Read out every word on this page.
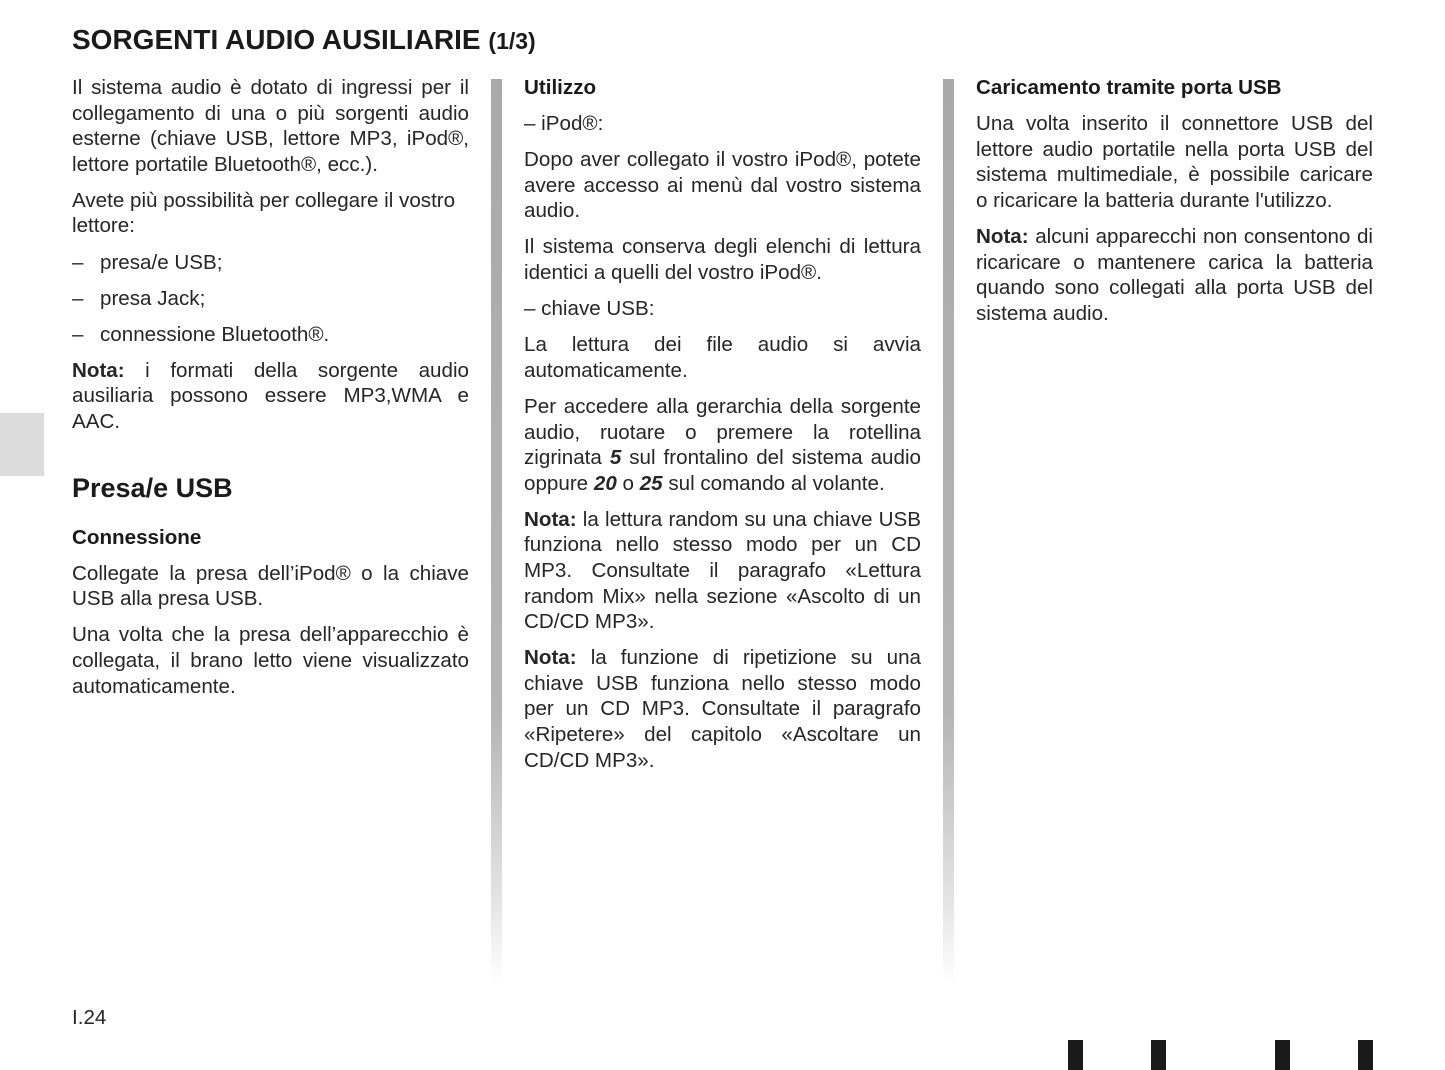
SORGENTI AUDIO AUSILIARIE (1/3)

Il sistema audio è dotato di ingressi per il collegamento di una o più sorgenti audio esterne (chiave USB, lettore MP3, iPod®, lettore portatile Bluetooth®, ecc.).

Avete più possibilità per collegare il vostro lettore:

– presa/e USB;

– presa Jack;

– connessione Bluetooth®.

Nota: i formati della sorgente audio ausiliaria possono essere MP3,WMA e AAC.

Presa/e USB

Connessione

Collegate la presa dell’iPod® o la chiave USB alla presa USB.

Una volta che la presa dell’apparecchio è collegata, il brano letto viene visualizzato automaticamente.

Utilizzo

– iPod®:

Dopo aver collegato il vostro iPod®, potete avere accesso ai menù dal vostro sistema audio.

Il sistema conserva degli elenchi di lettura identici a quelli del vostro iPod®.

– chiave USB:

La lettura dei file audio si avvia automaticamente.

Per accedere alla gerarchia della sorgente audio, ruotare o premere la rotellina zigrinata 5 sul frontalino del sistema audio oppure 20 o 25 sul comando al volante.

Nota: la lettura random su una chiave USB funziona nello stesso modo per un CD MP3. Consultate il paragrafo «Lettura random Mix» nella sezione «Ascolto di un CD/CD MP3».

Nota: la funzione di ripetizione su una chiave USB funziona nello stesso modo per un CD MP3. Consultate il paragrafo «Ripetere» del capitolo «Ascoltare un CD/CD MP3».

Caricamento tramite porta USB

Una volta inserito il connettore USB del lettore audio portatile nella porta USB del sistema multimediale, è possibile caricare o ricaricare la batteria durante l'utilizzo.

Nota: alcuni apparecchi non consentono di ricaricare o mantenere carica la batteria quando sono collegati alla porta USB del sistema audio.

I.24
